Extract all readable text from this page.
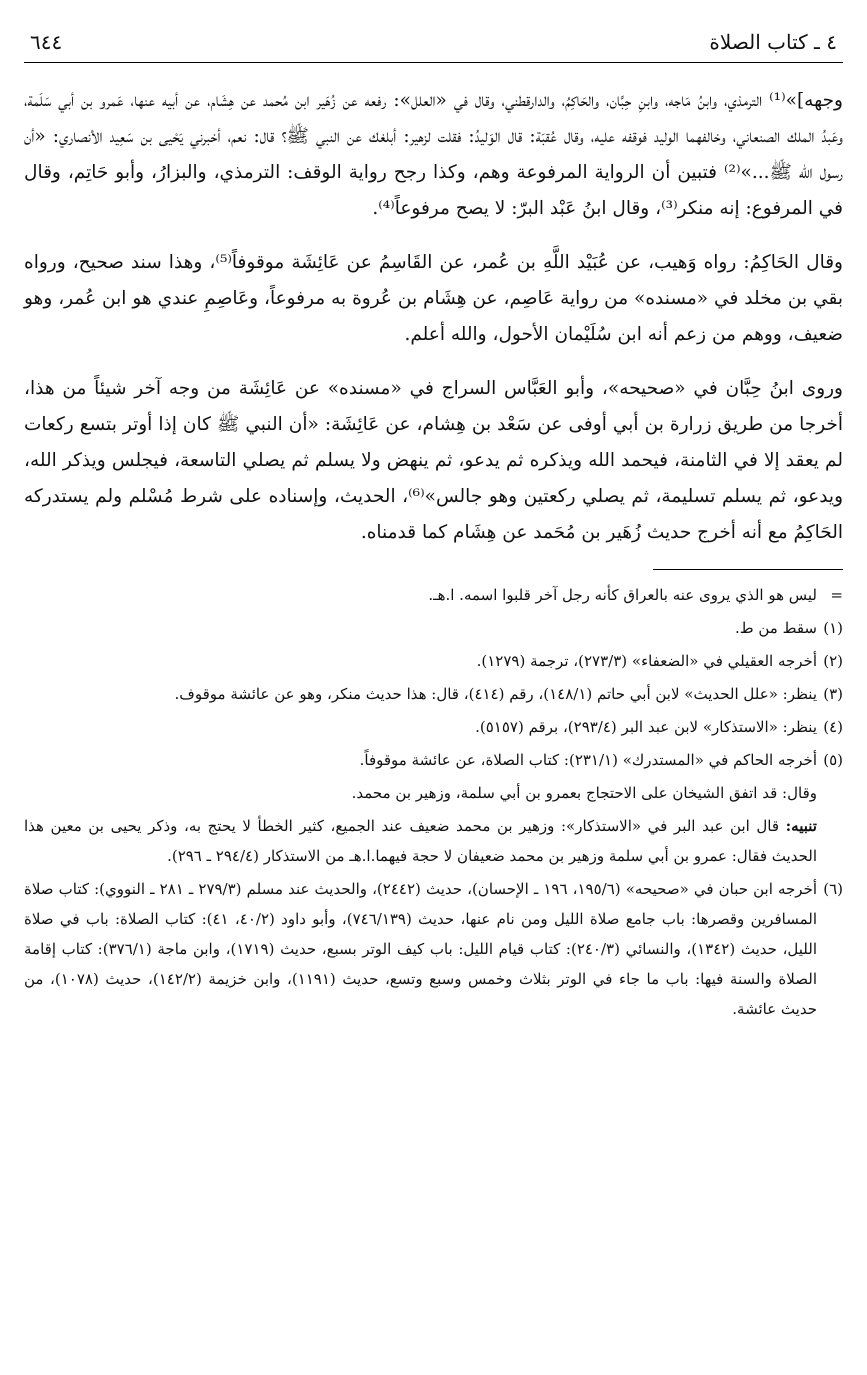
٤ ـ كتاب الصلاة
٦٤٤

وجهه]»⁽¹⁾ الترمذي، وابنُ مَاجه، وابنِ حِبَّان، والحَاكِمُ، والدارقطني، وقال في «العلل»: رفعه عن زُهَير ابن مُحمد عن هِشَام، عن أبيه عنها، عَمرو بن أبي سَلَمة، وعَبدُ الملك الصنعاني، وخالفهما الوليد فوقفه عليه، وقال عُقبَة: قال الوَليدُ: فقلت لزهير: أبلغك عن النبي ﷺ؟ قال: نعم، أخبرني يَحْيى بن سَعِيد الأنصاري: «أن رسول الله ﷺ...»⁽²⁾ فتبين أن الرواية المرفوعة وهم، وكذا رجح رواية الوقف: الترمذي، والبزارُ، وأبو حَاتِم، وقال في المرفوع: إنه منكر⁽³⁾، وقال ابنُ عَبْد البرّ: لا يصح مرفوعاً⁽⁴⁾.

وقال الحَاكِمُ: رواه وَهيب، عن عُبَيْد اللَّهِ بن عُمر، عن القَاسِمُ عن عَائِشَة موقوفاً⁽⁵⁾، وهذا سند صحيح، ورواه بقي بن مخلد في «مسنده» من رواية عَاصِم، عن هِشَام بن عُروة به مرفوعاً، وعَاصِمِ عندي هو ابن عُمر، وهو ضعيف، ووهم من زعم أنه ابن سُلَيْمان الأحول، والله أعلم.

وروى ابنُ حِبَّان في «صحيحه»، وأبو العَبَّاس السراج في «مسنده» عن عَائِشَة من وجه آخر شيئاً من هذا، أخرجا من طريق زرارة بن أبي أوفى عن سَعْد بن هِشام، عن عَائِشَة: «أن النبي ﷺ كان إذا أوتر بتسع ركعات لم يعقد إلا في الثامنة، فيحمد الله ويذكره ثم يدعو، ثم ينهض ولا يسلم ثم يصلي التاسعة، فيجلس ويذكر الله، ويدعو، ثم يسلم تسليمة، ثم يصلي ركعتين وهو جالس»⁽⁶⁾، الحديث، وإسناده على شرط مُسْلم ولم يستدركه الحَاكِمُ مع أنه أخرج حديث زُهَير بن مُحَمد عن هِشَام كما قدمناه.

=ليس هو الذي يروى عنه بالعراق كأنه رجل آخر قلبوا اسمه. ا.هـ.
(١)سقط من ط.
(٢)أخرجه العقيلي في «الضعفاء» (٢٧٣/٣)، ترجمة (١٢٧٩).
(٣)ينظر: «علل الحديث» لابن أبي حاتم (١٤٨/١)، رقم (٤١٤)، قال: هذا حديث منكر، وهو عن عائشة موقوف.
(٤)ينظر: «الاستذكار» لابن عبد البر (٢٩٣/٤)، برقم (٥١٥٧).
(٥)أخرجه الحاكم في «المستدرك» (٢٣١/١): كتاب الصلاة، عن عائشة موقوفاً.
وقال: قد اتفق الشيخان على الاحتجاج بعمرو بن أبي سلمة، وزهير بن محمد.
تنبيه: قال ابن عبد البر في «الاستذكار»: وزهير بن محمد ضعيف عند الجميع، كثير الخطأ لا يحتج به، وذكر يحيى بن معين هذا الحديث فقال: عمرو بن أبي سلمة وزهير بن محمد ضعيفان لا حجة فيهما.ا.هـ من الاستذكار (٢٩٤/٤ ـ ٢٩٦).
(٦)أخرجه ابن حبان في «صحيحه» (١٩٥/٦، ١٩٦ ـ الإحسان)، حديث (٢٤٤٢)، والحديث عند مسلم (٢٧٩/٣ ـ ٢٨١ ـ النووي): كتاب صلاة المسافرين وقصرها: باب جامع صلاة الليل ومن نام عنها، حديث (٧٤٦/١٣٩)، وأبو داود (٤٠/٢، ٤١): كتاب الصلاة: باب في صلاة الليل، حديث (١٣٤٢)، والنسائي (٢٤٠/٣): كتاب قيام الليل: باب كيف الوتر بسبع، حديث (١٧١٩)، وابن ماجة (٣٧٦/١): كتاب إقامة الصلاة والسنة فيها: باب ما جاء في الوتر بثلاث وخمس وسبع وتسع، حديث (١١٩١)، وابن خزيمة (١٤٢/٢)، حديث (١٠٧٨)، من حديث عائشة.
